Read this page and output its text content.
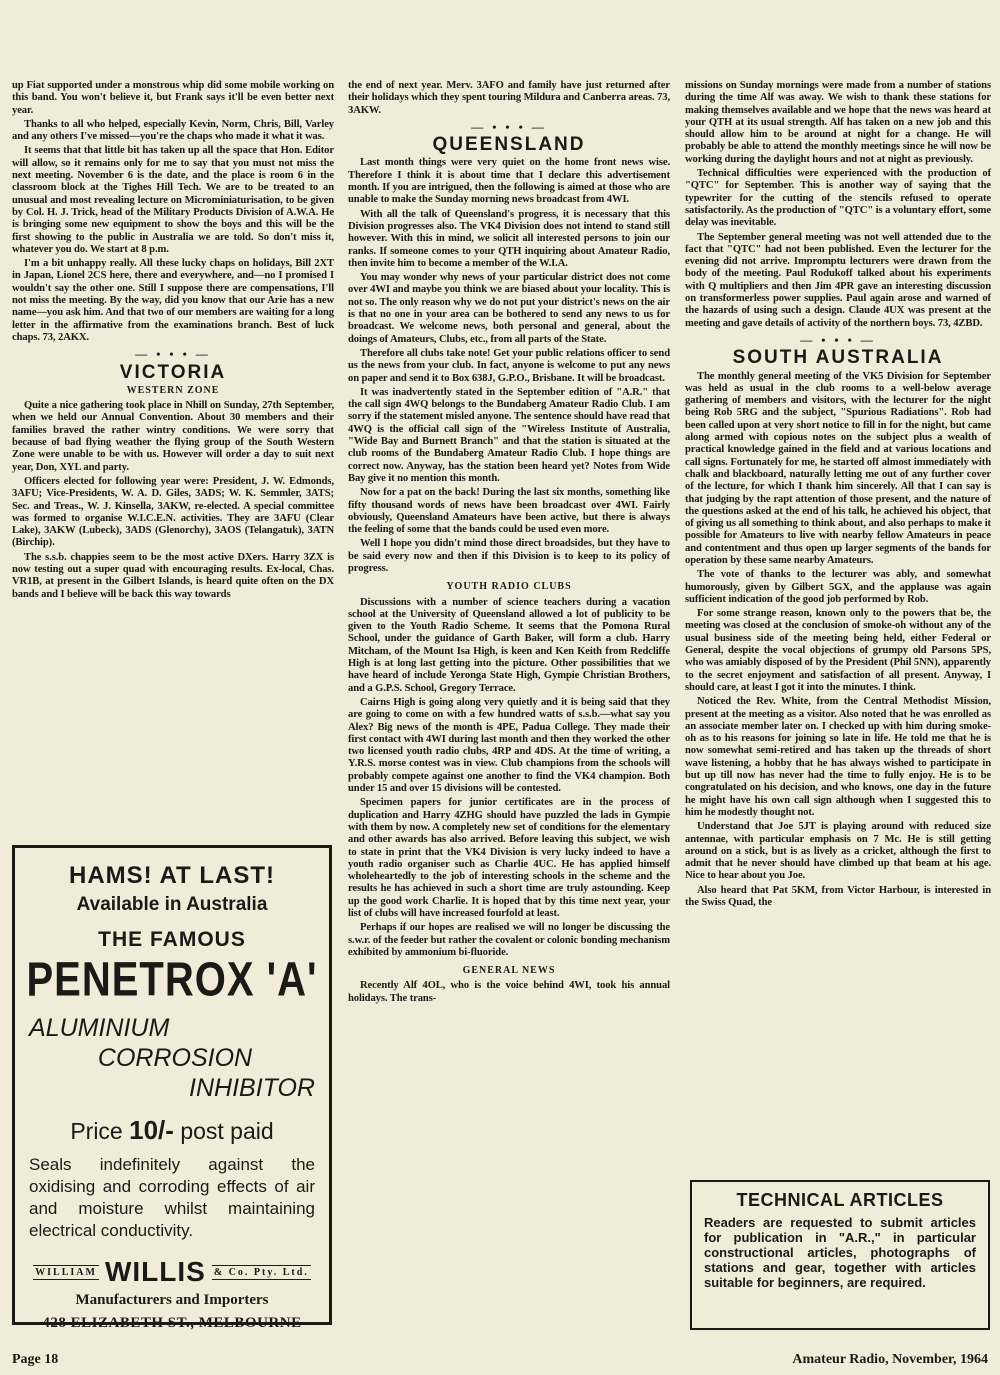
up Fiat supported under a monstrous whip did some mobile working on this band. You won't believe it, but Frank says it'll be even better next year.

Thanks to all who helped, especially Kevin, Norm, Chris, Bill, Varley and any others I've missed—you're the chaps who made it what it was.

It seems that that little bit has taken up all the space that Hon. Editor will allow, so it remains only for me to say that you must not miss the next meeting. November 6 is the date, and the place is room 6 in the classroom block at the Tighes Hill Tech. We are to be treated to an unusual and most revealing lecture on Microminiaturisation, to be given by Col. H. J. Trick, head of the Military Products Division of A.W.A. He is bringing some new equipment to show the boys and this will be the first showing to the public in Australia we are told. So don't miss it, whatever you do. We start at 8 p.m.

I'm a bit unhappy really. All these lucky chaps on holidays, Bill 2XT in Japan, Lionel 2CS here, there and everywhere, and—no I promised I wouldn't say the other one. Still I suppose there are compensations, I'll not miss the meeting. By the way, did you know that our Arie has a new name—you ask him. And that two of our members are waiting for a long letter in the affirmative from the examinations branch. Best of luck chaps. 73, 2AKX.

— • • • —
VICTORIA
WESTERN ZONE

Quite a nice gathering took place in Nhill on Sunday, 27th September, when we held our Annual Convention. About 30 members and their families braved the rather wintry conditions. We were sorry that because of bad flying weather the flying group of the South Western Zone were unable to be with us. However will order a day to suit next year, Don, XYL and party.

Officers elected for following year were: President, J. W. Edmonds, 3AFU; Vice-Presidents, W. A. D. Giles, 3ADS; W. K. Semmler, 3ATS; Sec. and Treas., W. J. Kinsella, 3AKW, re-elected. A special committee was formed to organise W.I.C.E.N. activities. They are 3AFU (Clear Lake), 3AKW (Lubeck), 3ADS (Glenorchy), 3AOS (Telangatuk), 3ATN (Birchip).

The s.s.b. chappies seem to be the most active DXers. Harry 3ZX is now testing out a super quad with encouraging results. Ex-local, Chas. VR1B, at present in the Gilbert Islands, is heard quite often on the DX bands and I believe will be back this way towards

HAMS! AT LAST!
Available in Australia
THE FAMOUS
PENETROX 'A'
ALUMINIUM
CORROSION
INHIBITOR
Price 10/- post paid
Seals indefinitely against the oxidising and corroding effects of air and moisture whilst maintaining electrical conductivity.
WILLIAM WILLIS & Co. Pty. Ltd.
Manufacturers and Importers
428 ELIZABETH ST., MELBOURNE

the end of next year. Merv. 3AFO and family have just returned after their holidays which they spent touring Mildura and Canberra areas. 73, 3AKW.

— • • • —
QUEENSLAND

Last month things were very quiet on the home front news wise. Therefore I think it is about time that I declare this advertisement month. If you are intrigued, then the following is aimed at those who are unable to make the Sunday morning news broadcast from 4WI.

With all the talk of Queensland's progress, it is necessary that this Division progresses also. The VK4 Division does not intend to stand still however. With this in mind, we solicit all interested persons to join our ranks. If someone comes to your QTH inquiring about Amateur Radio, then invite him to become a member of the W.I.A.

You may wonder why news of your particular district does not come over 4WI and maybe you think we are biased about your locality. This is not so. The only reason why we do not put your district's news on the air is that no one in your area can be bothered to send any news to us for broadcast. We welcome news, both personal and general, about the doings of Amateurs, Clubs, etc., from all parts of the State.

Therefore all clubs take note! Get your public relations officer to send us the news from your club. In fact, anyone is welcome to put any news on paper and send it to Box 638J, G.P.O., Brisbane. It will be broadcast.

It was inadvertently stated in the September edition of "A.R." that the call sign 4WQ belongs to the Bundaberg Amateur Radio Club. I am sorry if the statement misled anyone. The sentence should have read that 4WQ is the official call sign of the "Wireless Institute of Australia, "Wide Bay and Burnett Branch" and that the station is situated at the club rooms of the Bundaberg Amateur Radio Club. I hope things are correct now. Anyway, has the station been heard yet? Notes from Wide Bay give it no mention this month.

Now for a pat on the back! During the last six months, something like fifty thousand words of news have been broadcast over 4WI. Fairly obviously, Queensland Amateurs have been active, but there is always the feeling of some that the bands could be used even more.

Well I hope you didn't mind those direct broadsides, but they have to be said every now and then if this Division is to keep to its policy of progress.

YOUTH RADIO CLUBS

Discussions with a number of science teachers during a vacation school at the University of Queensland allowed a lot of publicity to be given to the Youth Radio Scheme. It seems that the Pomona Rural School, under the guidance of Garth Baker, will form a club. Harry Mitcham, of the Mount Isa High, is keen and Ken Keith from Redcliffe High is at long last getting into the picture. Other possibilities that we have heard of include Yeronga State High, Gympie Christian Brothers, and a G.P.S. School, Gregory Terrace.

Cairns High is going along very quietly and it is being said that they are going to come on with a few hundred watts of s.s.b.—what say you Alex? Big news of the month is 4PE, Padua College. They made their first contact with 4WI during last month and then they worked the other two licensed youth radio clubs, 4RP and 4DS. At the time of writing, a Y.R.S. morse contest was in view. Club champions from the schools will probably compete against one another to find the VK4 champion. Both under 15 and over 15 divisions will be contested.

Specimen papers for junior certificates are in the process of duplication and Harry 4ZHG should have puzzled the lads in Gympie with them by now. A completely new set of conditions for the elementary and other awards has also arrived. Before leaving this subject, we wish to state in print that the VK4 Division is very lucky indeed to have a youth radio organiser such as Charlie 4UC. He has applied himself wholeheartedly to the job of interesting schools in the scheme and the results he has achieved in such a short time are truly astounding. Keep up the good work Charlie. It is hoped that by this time next year, your list of clubs will have increased fourfold at least.

Perhaps if our hopes are realised we will no longer be discussing the s.w.r. of the feeder but rather the covalent or colonic bonding mechanism exhibited by ammonium bi-fluoride.

GENERAL NEWS

Recently Alf 4OL, who is the voice behind 4WI, took his annual holidays. The trans-

missions on Sunday mornings were made from a number of stations during the time Alf was away. We wish to thank these stations for making themselves available and we hope that the news was heard at your QTH at its usual strength. Alf has taken on a new job and this should allow him to be around at night for a change. He will probably be able to attend the monthly meetings since he will now be working during the daylight hours and not at night as previously.

Technical difficulties were experienced with the production of "QTC" for September. This is another way of saying that the typewriter for the cutting of the stencils refused to operate satisfactorily. As the production of "QTC" is a voluntary effort, some delay was inevitable.

The September general meeting was not well attended due to the fact that "QTC" had not been published. Even the lecturer for the evening did not arrive. Impromptu lecturers were drawn from the body of the meeting. Paul Rodukoff talked about his experiments with Q multipliers and then Jim 4PR gave an interesting discussion on transformerless power supplies. Paul again arose and warned of the hazards of using such a design. Claude 4UX was present at the meeting and gave details of activity of the northern boys. 73, 4ZBD.

— • • • —
SOUTH AUSTRALIA

The monthly general meeting of the VK5 Division for September was held as usual in the club rooms to a well-below average gathering of members and visitors, with the lecturer for the night being Rob 5RG and the subject, "Spurious Radiations". Rob had been called upon at very short notice to fill in for the night, but came along armed with copious notes on the subject plus a wealth of practical knowledge gained in the field and at various locations and call signs. Fortunately for me, he started off almost immediately with chalk and blackboard, naturally letting me out of any further cover of the lecture, for which I thank him sincerely. All that I can say is that judging by the rapt attention of those present, and the nature of the questions asked at the end of his talk, he achieved his object, that of giving us all something to think about, and also perhaps to make it possible for Amateurs to live with nearby fellow Amateurs in peace and contentment and thus open up larger segments of the bands for operation by these same nearby Amateurs.

The vote of thanks to the lecturer was ably, and somewhat humorously, given by Gilbert 5GX, and the applause was again sufficient indication of the good job performed by Rob.

For some strange reason, known only to the powers that be, the meeting was closed at the conclusion of smoke-oh without any of the usual business side of the meeting being held, either Federal or General, despite the vocal objections of grumpy old Parsons 5PS, who was amiably disposed of by the President (Phil 5NN), apparently to the secret enjoyment and satisfaction of all present. Anyway, I should care, at least I got it into the minutes. I think.

Noticed the Rev. White, from the Central Methodist Mission, present at the meeting as a visitor. Also noted that he was enrolled as an associate member later on. I checked up with him during smoke-oh as to his reasons for joining so late in life. He told me that he is now somewhat semi-retired and has taken up the threads of short wave listening, a hobby that he has always wished to participate in but up till now has never had the time to fully enjoy. He is to be congratulated on his decision, and who knows, one day in the future he might have his own call sign although when I suggested this to him he modestly thought not.

Understand that Joe 5JT is playing around with reduced size antennae, with particular emphasis on 7 Mc. He is still getting around on a stick, but is as lively as a cricket, although the first to admit that he never should have climbed up that beam at his age. Nice to hear about you Joe.

Also heard that Pat 5KM, from Victor Harbour, is interested in the Swiss Quad, the

TECHNICAL ARTICLES
Readers are requested to submit articles for publication in "A.R.," in particular constructional articles, photographs of stations and gear, together with articles suitable for beginners, are required.
Page 18	Amateur Radio, November, 1964
